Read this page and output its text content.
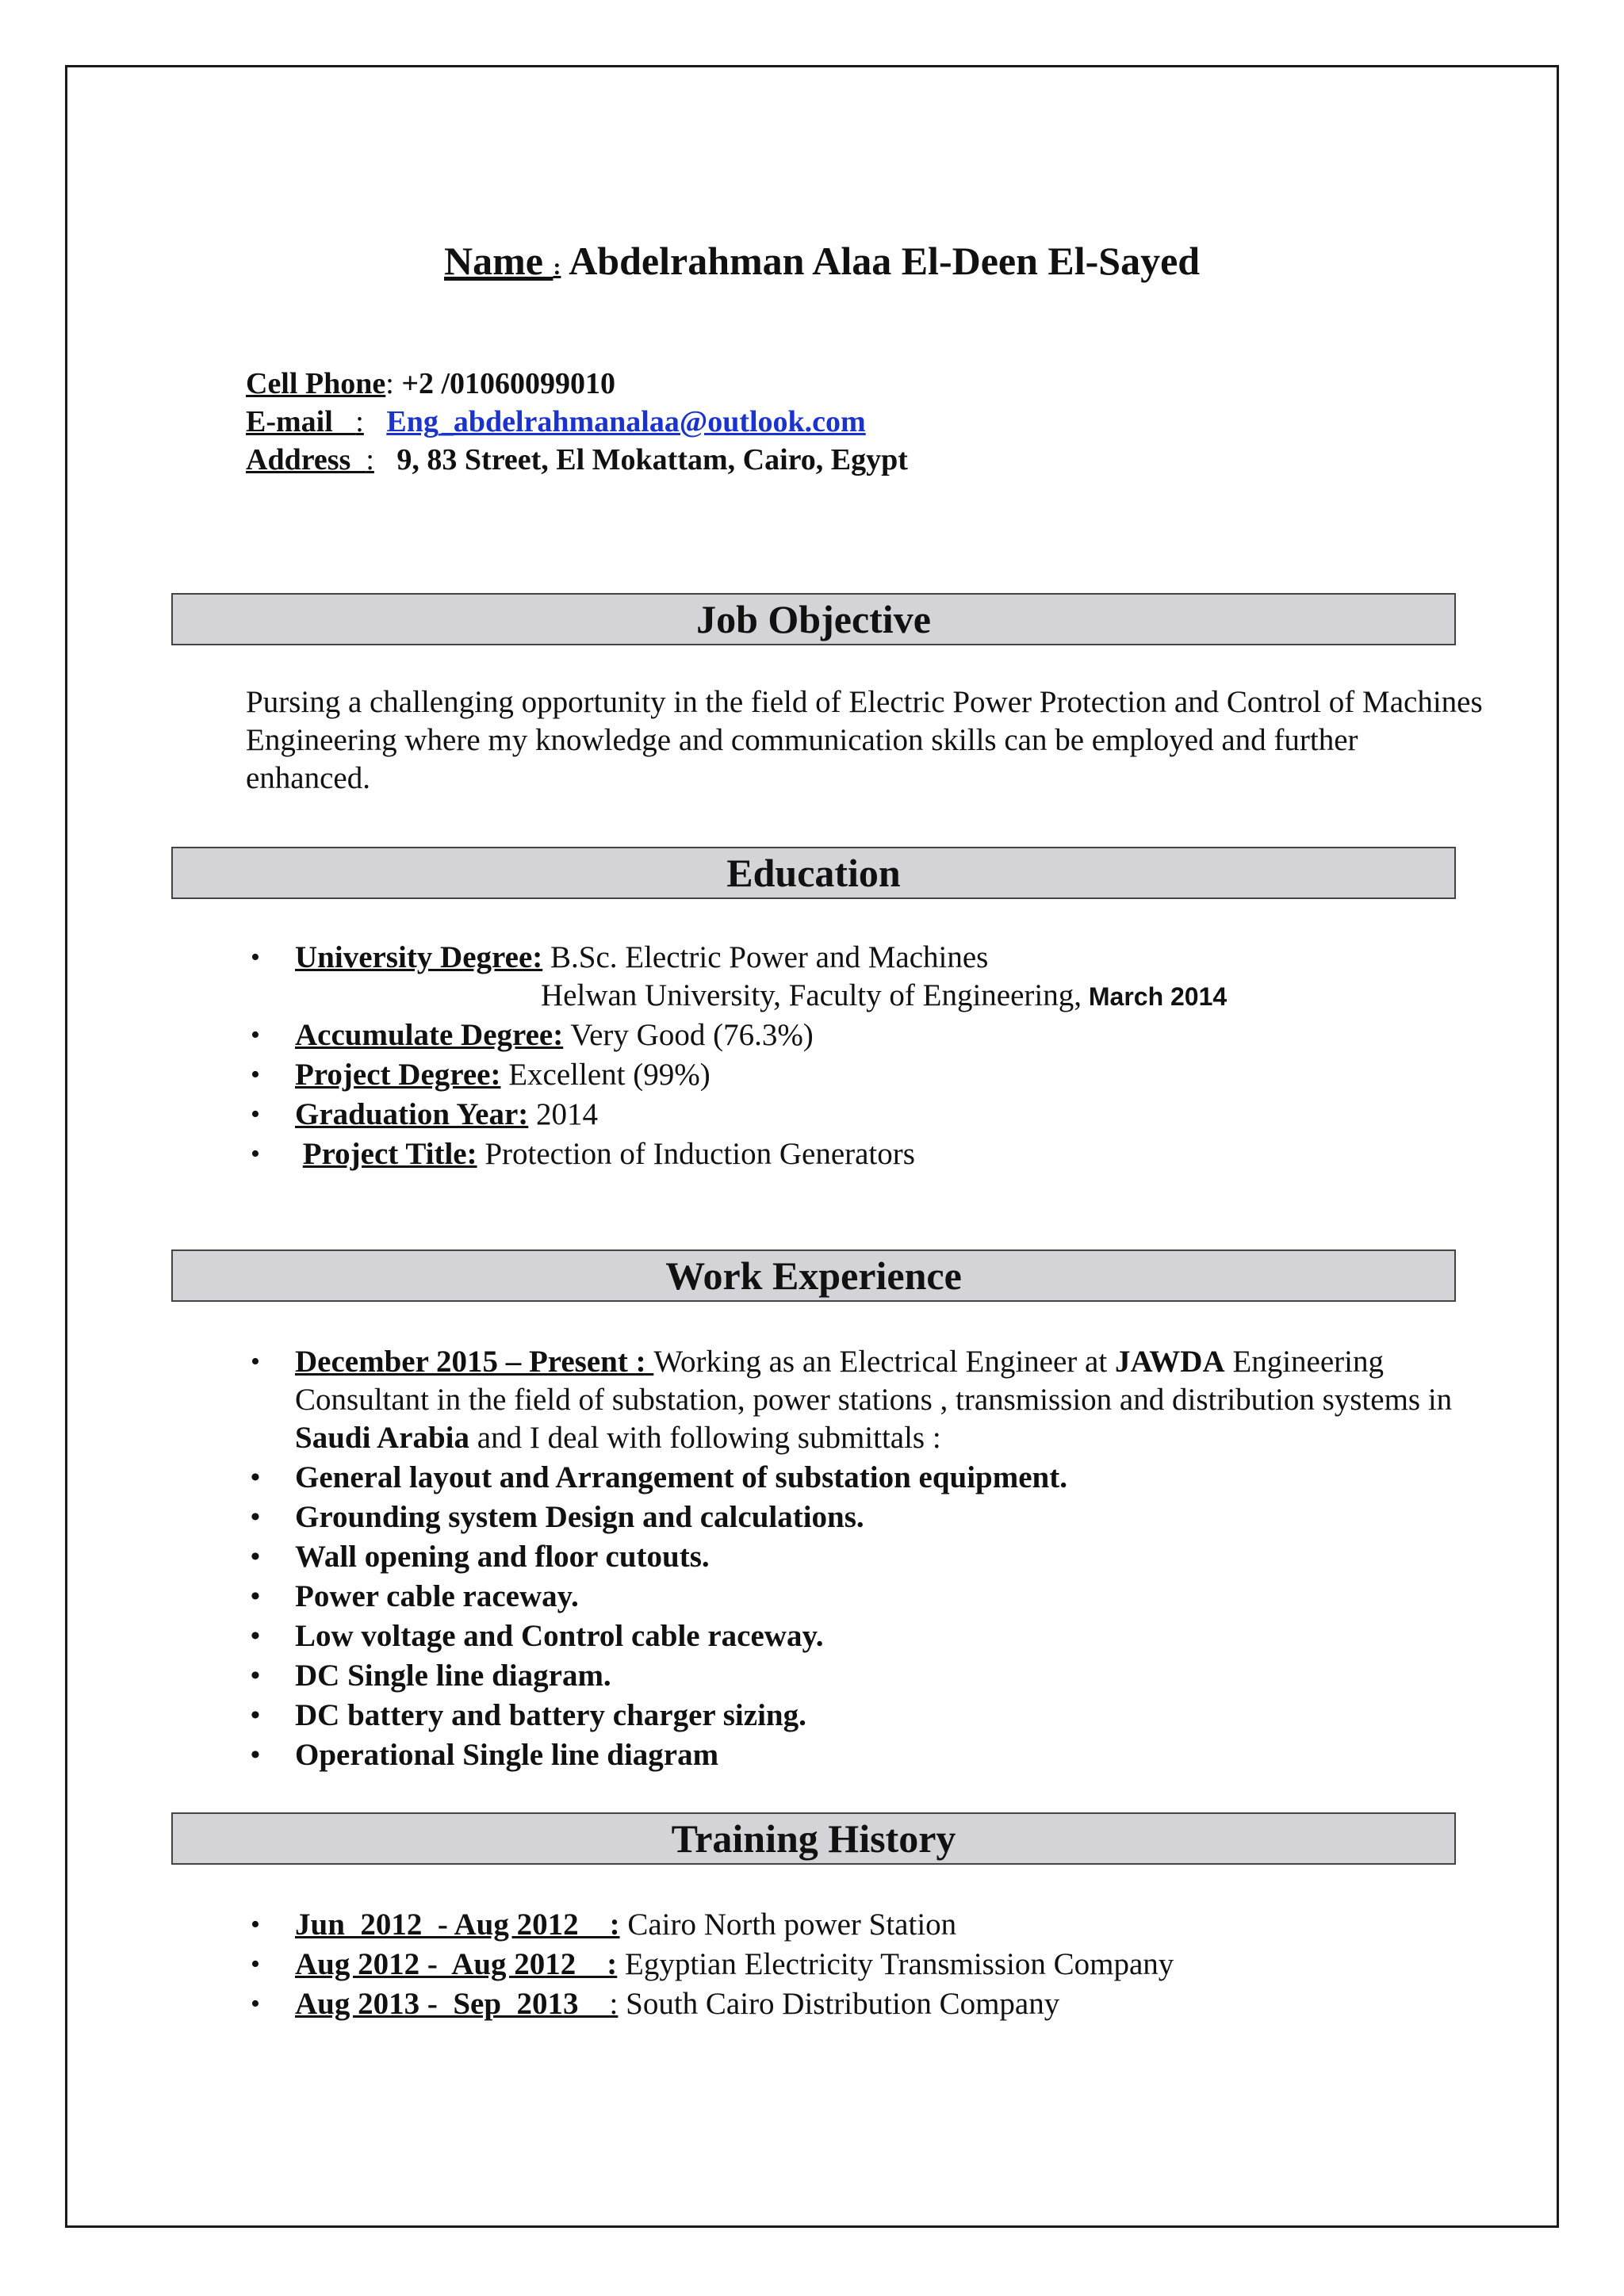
Name : Abdelrahman Alaa El-Deen El-Sayed
Cell Phone: +2 /01060099010
E-mail   : Eng_abdelrahmanalaa@outlook.com
Address  : 9, 83 Street, El Mokattam, Cairo, Egypt
Job Objective
Pursing a challenging opportunity in the field of Electric Power Protection and Control of Machines Engineering where my knowledge and communication skills can be employed and further enhanced.
Education
• University Degree: B.Sc. Electric Power and Machines
Helwan University, Faculty of Engineering, March 2014
• Accumulate Degree: Very Good (76.3%)
• Project Degree: Excellent (99%)
• Graduation Year: 2014
• Project Title: Protection of Induction Generators
Work Experience
• December 2015 – Present : Working as an Electrical Engineer at JAWDA Engineering Consultant in the field of substation, power stations , transmission and distribution systems in Saudi Arabia and I deal with following submittals :
• General layout and Arrangement of substation equipment.
• Grounding system Design and calculations.
• Wall opening and floor cutouts.
• Power cable raceway.
• Low voltage and Control cable raceway.
• DC Single line diagram.
• DC battery and battery charger sizing.
• Operational Single line diagram
Training History
• Jun  2012  - Aug 2012    : Cairo North power Station
• Aug 2012 -  Aug 2012    : Egyptian Electricity Transmission Company
• Aug 2013 -  Sep  2013    : South Cairo Distribution Company
